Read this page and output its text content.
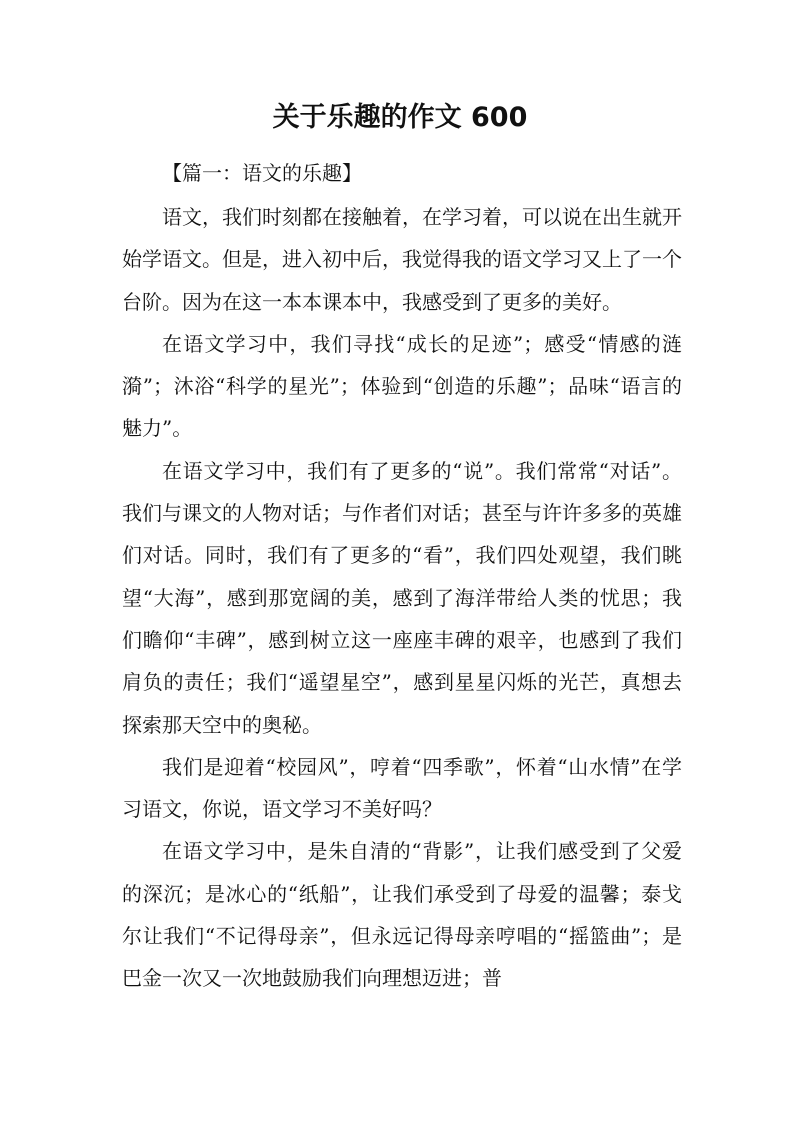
关于乐趣的作文 600
【篇一：语文的乐趣】

语文，我们时刻都在接触着，在学习着，可以说在出生就开始学语文。但是，进入初中后，我觉得我的语文学习又上了一个台阶。因为在这一本本课本中，我感受到了更多的美好。

在语文学习中，我们寻找“成长的足迹”；感受“情感的涟漪”；沐浴“科学的星光”；体验到“创造的乐趣”；品味“语言的魅力”。

在语文学习中，我们有了更多的“说”。我们常常“对话”。我们与课文的人物对话；与作者们对话；甚至与许许多多的英雄们对话。同时，我们有了更多的“看”，我们四处观望，我们眺望“大海”，感到那宽阔的美，感到了海洋带给人类的忧思；我们瞻仰“丰碑”，感到树立这一座座丰碑的艰辛，也感到了我们肩负的责任；我们“遥望星空”，感到星星闪烁的光芒，真想去探索那天空中的奥秘。

我们是迎着“校园风”，哼着“四季歌”，怀着“山水情”在学习语文，你说，语文学习不美好吗？

在语文学习中，是朱自清的“背影”，让我们感受到了父爱的深沉；是冰心的“纸船”，让我们承受到了母爱的温馨；泰戈尔让我们“不记得母亲”，但永远记得母亲哼唱的“摇篮曲”；是巴金一次又一次地鼓励我们向理想迈进；普
